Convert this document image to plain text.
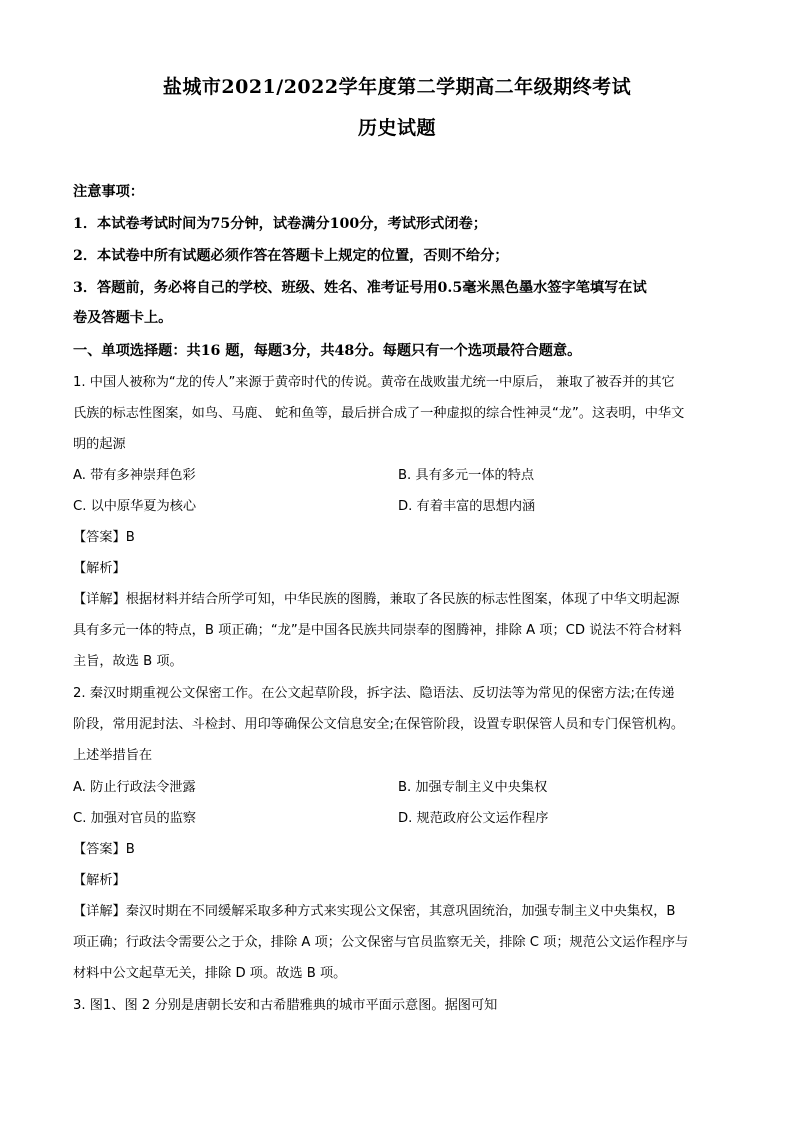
盐城市2021/2022学年度第二学期高二年级期终考试
历史试题
注意事项：
1．本试卷考试时间为75分钟，试卷满分100分，考试形式闭卷；
2．本试卷中所有试题必须作答在答题卡上规定的位置，否则不给分；
3．答题前，务必将自己的学校、班级、姓名、准考证号用0.5毫米黑色墨水签字笔填写在试
卷及答题卡上。
一、单项选择题：共16 题，每题3分，共48分。每题只有一个选项最符合题意。
1. 中国人被称为“龙的传人”来源于黄帝时代的传说。黄帝在战败蚩尤统一中原后， 兼取了被吞并的其它
氏族的标志性图案，如鸟、马鹿、 蛇和鱼等，最后拼合成了一种虚拟的综合性神灵“龙”。这表明，中华文
明的起源
A. 带有多神崇拜色彩	B. 具有多元一体的特点
C. 以中原华夏为核心	D. 有着丰富的思想内涵
【答案】B
【解析】
【详解】根据材料并结合所学可知，中华民族的图腾，兼取了各民族的标志性图案，体现了中华文明起源
具有多元一体的特点，B 项正确；“龙”是中国各民族共同崇奉的图腾神，排除 A 项；CD 说法不符合材料
主旨，故选 B 项。
2. 秦汉时期重视公文保密工作。在公文起草阶段，拆字法、隐语法、反切法等为常见的保密方法;在传递
阶段，常用泥封法、斗检封、用印等确保公文信息安全;在保管阶段，设置专职保管人员和专门保管机构。
上述举措旨在
A. 防止行政法令泄露	B. 加强专制主义中央集权
C. 加强对官员的监察	D. 规范政府公文运作程序
【答案】B
【解析】
【详解】秦汉时期在不同缓解采取多种方式来实现公文保密，其意巩固统治，加强专制主义中央集权，B
项正确；行政法令需要公之于众，排除 A 项；公文保密与官员监察无关，排除 C 项；规范公文运作程序与
材料中公文起草无关，排除 D 项。故选 B 项。
3. 图1、图 2 分别是唐朝长安和古希腊雅典的城市平面示意图。据图可知
